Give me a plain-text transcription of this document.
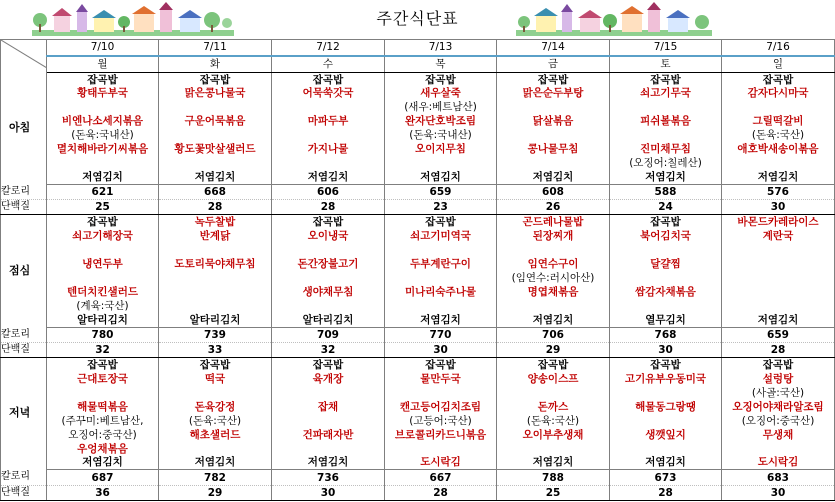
주간식단표
	7/10	7/11	7/12	7/13	7/14	7/15	7/16
	월	화	수	목	금	토	일
아침	잡곡밥	잡곡밥	잡곡밥	잡곡밥	잡곡밥	잡곡밥	잡곡밥
	황태두부국	맑은콩나물국	어묵쑥갓국	새우살죽	맑은순두부탕	쇠고기무국	감자다시마국
				(새우:베트남산)			
	비엔나소세지볶음	구운어묵볶음	마파두부	완자단호박조림	닭살볶음	피쉬볼볶음	그릴떡갈비
	(돈육:국내산)			(돈육:국내산)			(돈육:국산)
	멸치해바라기씨볶음	황도꽃맛살샐러드	가지나물	오이지무침	콩나물무침	진미채무침	애호박새송이볶음
						(오징어:칠레산)	
	저염김치	저염김치	저염김치	저염김치	저염김치	저염김치	저염김치
칼로리	621	668	606	659	608	588	576
단백질	25	28	28	23	26	24	30
점심	잡곡밥	녹두찰밥	잡곡밥	잡곡밥	곤드레나물밥	잡곡밥	바몬드카레라이스
	쇠고기해장국	반계닭	오이냉국	쇠고기미역국	된장찌개	북어김치국	계란국

	냉연두부	도토리묵야채무침	돈간장불고기	두부계란구이	임연수구이	달걀찜	
					(임연수:러시아산)		
	텐더치킨샐러드		생야채무침	미나리숙주나물	명엽채볶음	쌈감자채볶음	
	(계육:국산)						
	알타리김치	알타리김치	알타리김치	저염김치	저염김치	열무김치	저염김치
칼로리	780	739	709	770	706	768	659
단백질	32	33	32	30	29	30	28
저녁	잡곡밥	잡곡밥	잡곡밥	잡곡밥	잡곡밥	잡곡밥	잡곡밥
	근대토장국	떡국	육개장	물만두국	양송이스프	고기유부우동미국	설렁탕
							(사골:국산)
	해물떡볶음	돈육강정	잡채	캔고등어김치조림	돈까스	해물동그랑땡	오징어야채라알조림
	(주꾸미:베트남산,	(돈육:국산)		(고등어:국산)	(돈육:국산)		(오징어:중국산)
	오징어:중국산)	해초샐러드	건파래자반	브로콜리카드니볶음	오이부추생채	생깻잎지	무생채
	우엉채볶음						
	저염김치	저염김치	저염김치	도시락김	저염김치	저염김치	도시락김
칼로리	687	782	736	667	788	673	683
단백질	36	29	30	28	25	28	30
